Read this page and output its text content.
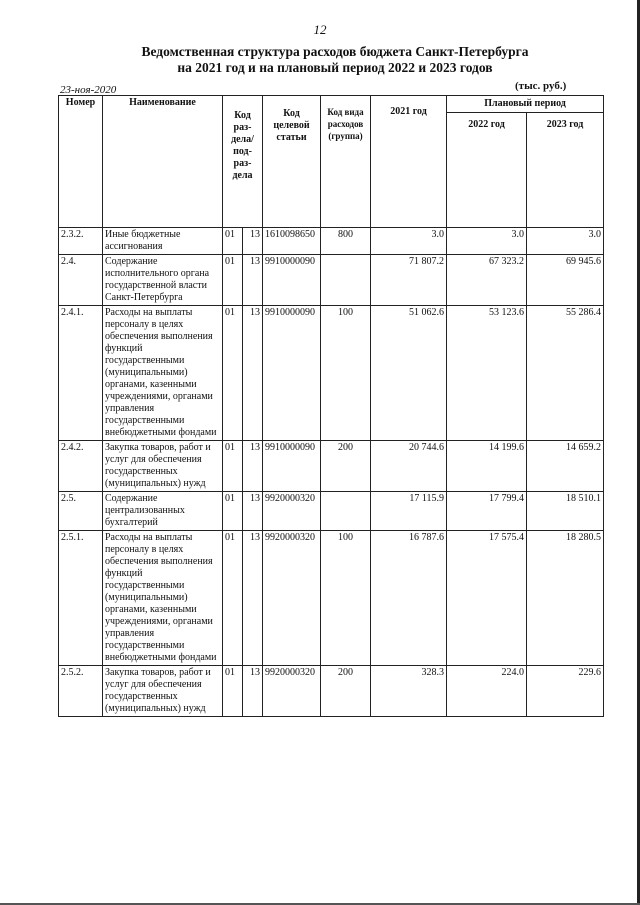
12
Ведомственная структура расходов бюджета Санкт-Петербурга
на 2021 год и на плановый период 2022 и 2023 годов
23-ноя-2020	(тыс. руб.)
Номер	Наименование	Код раз-дела/ под-раз-дела		Код целевой статьи	Код вида расходов (группа)	2021 год	Плановый период	
							2022 год	2023 год
2.3.2.	Иные бюджетные ассигнования	01	13	1610098650	800	3.0	3.0	3.0
2.4.	Содержание исполнительного органа государственной власти Санкт-Петербурга	01	13	9910000090		71 807.2	67 323.2	69 945.6
2.4.1.	Расходы на выплаты персоналу в целях обеспечения выполнения функций государственными (муниципальными) органами, казенными учреждениями, органами управления государственными внебюджетными фондами	01	13	9910000090	100	51 062.6	53 123.6	55 286.4
2.4.2.	Закупка товаров, работ и услуг для обеспечения государственных (муниципальных) нужд	01	13	9910000090	200	20 744.6	14 199.6	14 659.2
2.5.	Содержание централизованных бухгалтерий	01	13	9920000320		17 115.9	17 799.4	18 510.1
2.5.1.	Расходы на выплаты персоналу в целях обеспечения выполнения функций государственными (муниципальными) органами, казенными учреждениями, органами управления государственными внебюджетными фондами	01	13	9920000320	100	16 787.6	17 575.4	18 280.5
2.5.2.	Закупка товаров, работ и услуг для обеспечения государственных (муниципальных) нужд	01	13	9920000320	200	328.3	224.0	229.6
